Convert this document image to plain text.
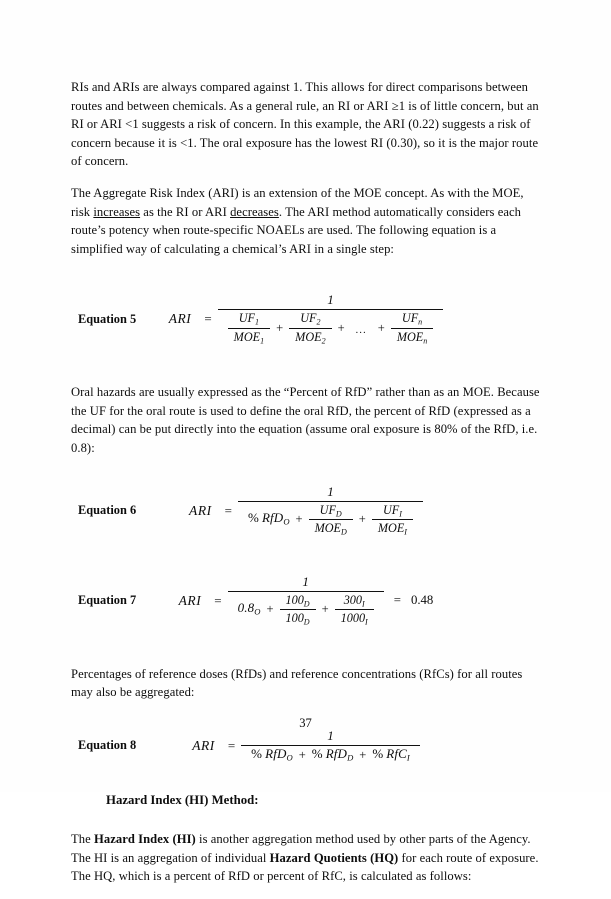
RIs and ARIs are always compared against 1. This allows for direct comparisons between routes and between chemicals. As a general rule, an RI or ARI ≥1 is of little concern, but an RI or ARI <1 suggests a risk of concern. In this example, the ARI (0.22) suggests a risk of concern because it is <1. The oral exposure has the lowest RI (0.30), so it is the major route of concern.

The Aggregate Risk Index (ARI) is an extension of the MOE concept. As with the MOE, risk increases as the RI or ARI decreases. The ARI method automatically considers each route’s potency when route-specific NOAELs are used. The following equation is a simplified way of calculating a chemical’s ARI in a single step:

Equation 5 ARI =
1
$\frac{UF_1}{MOE_1} + \frac{UF_2}{MOE_2}$ +	... + $\frac{UF_n}{MOE_n}$

Oral hazards are usually expressed as the “Percent of RfD” rather than as an MOE. Because the UF for the oral route is used to define the oral RfD, the percent of RfD (expressed as a decimal) can be put directly into the equation (assume oral exposure is 80% of the RfD, i.e. 0.8):

Equation 6	ARI =
1
% $RfD_O + \frac{UF_D}{MOE_D} + \frac{UF_I}{MOE_I}$
Equation 7	ARI =
1
$0.8_O + \frac{100_D}{100_D} + \frac{300_I}{1000_I} = 0.48$

Percentages of reference doses (RfDs) and reference concentrations (RfCs) for all routes may also be aggregated:

Equation 8	ARI =
1
% RfD$_O$ + % RfD$_D$ + % RfC$_I$
Hazard Index (HI) Method:

The Hazard Index (HI) is another aggregation method used by other parts of the Agency. The HI is an aggregation of individual Hazard Quotients (HQ) for each route of exposure. The HQ, which is a percent of RfD or percent of RfC, is calculated as follows:

37
